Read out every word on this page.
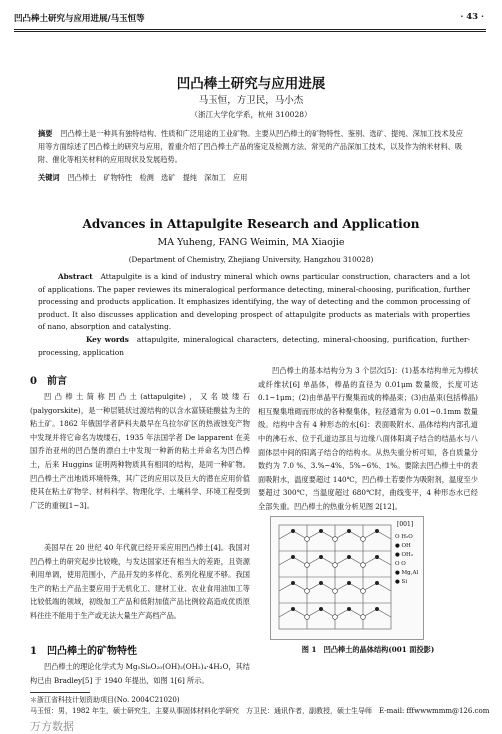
凹凸棒土研究与应用进展/马玉恒等	· 43 ·
凹凸棒土研究与应用进展
马玉恒，方卫民，马小杰
（浙江大学化学系，杭州 310028）
摘要 凹凸棒土是一种具有独特结构、性质和广泛用途的工业矿物。主要从凹凸棒土的矿物特性、鉴别、选矿、提纯、深加工技术及应用等方面综述了凹凸棒土的研究与应用，着重介绍了凹凸棒土产品的鉴定及检测方法、常见的产品深加工技术，以及作为纳米材料、吸附、催化等相关材料的应用现状及发展趋势。
关键词 凹凸棒土　矿物特性　检测　选矿　提纯　深加工　应用
Advances in Attapulgite Research and Application
MA Yuheng, FANG Weimin, MA Xiaojie
(Department of Chemistry, Zhejiang University, Hangzhou 310028)
Abstract Attapulgite is a kind of industry mineral which owns particular construction, characters and a lot of applications. The paper reviewes its mineralogical performance detecting, mineral-choosing, purification, further processing and products application. It emphasizes identifying, the way of detecting and the common processing of product. It also discusses application and developing prospect of attapulgite products as materials with properties of nano, absorption and catalysting.
Key words attapulgite, mineralogical characters, detecting, mineral-choosing, purification, further-processing, application
0　前言
凹凸棒土简称凹凸土(attapulgite)，又名坡缕石(palygorskite)，是一种层链状过渡结构的以含水富镁硅酸盐为主的粘土矿。1862 年俄国学者萨科夫最早在乌拉尔矿区的热液蚀变产物中发现并将它命名为坡缕石，1935 年法国学者 De lapparent 在美国乔治亚州的凹凸堡的漂白土中发现一种新的粘土并命名为凹凸棒土，后来 Huggins 证明两种物质具有相同的结构，是同一种矿物。凹凸棒土产出地质环境特殊，其广泛的应用以及巨大的潜在应用价值使其在粘土矿物学、材料科学、物理化学、土壤科学、环境工程受到广泛的重视[1~3]。
美国早在 20 世纪 40 年代就已经开采应用凹凸棒土[4]。我国对凹凸棒土的研究起步比较晚，与发达国家还有相当大的差距，且资源利用单调，使用范围小，产品开发的多样化、系列化程度不够。我国生产的粘土产品主要应用于无机化工、建材工业、农业食用油加工等比较低端的领域，初级加工产品和低附加值产品比例较高造成优质原料往往不能用于生产或无法大量生产高档产品。
1　凹凸棒土的矿物特性
凹凸棒土的理论化学式为 Mg₅Si₈O₂₀(OH)₂(OH₂)₄·4H₂O，其结构已由 Bradley[5] 于 1940 年提出，如图 1[6] 所示。
凹凸棒土的基本结构分为 3 个层次[5]：(1)基本结构单元为棒状或纤维状[6] 单晶体，棒晶的直径为 0.01μm 数量级，长度可达 0.1~1μm；(2)由单晶平行聚集而成的棒晶束；(3)由晶束(包括棒晶)相互聚集堆砌而形成的各种聚集体，粒径通常为 0.01~0.1mm 数量级。结构中含有 4 种形态的水[6]：表面吸附水、晶体结构内部孔道中的沸石水、位于孔道边部且与边缘八面体阳离子结合的结晶水与八面体层中间的阳离子结合的结构水。从热失重分析可知，各自质量分数约为 7.0 %、3.%~4%、5%~6%、1%。要除去凹凸棒土中的表面吸附水，温度要超过 140℃，凹凸棒土若要作为吸附剂，温度至少要超过 300℃，当温度超过 680℃时，曲线变平，4 种形态水已经全部失重。凹凸棒土的热重分析见图 2[12]。
[001]
O H₂O
● OH
● OH₂
O O
● Mg,Al
● Si
图 1　凹凸棒土的晶体结构(001 面投影)
＊浙江省科技计划资助项目(No. 2004C21020)
马玉恒：男，1982 年生，硕士研究生，主要从事固体材料化学研究　方卫民：通讯作者，副教授，硕士生导师　E-mail: fffwwwmmm@126.com
万方数据
